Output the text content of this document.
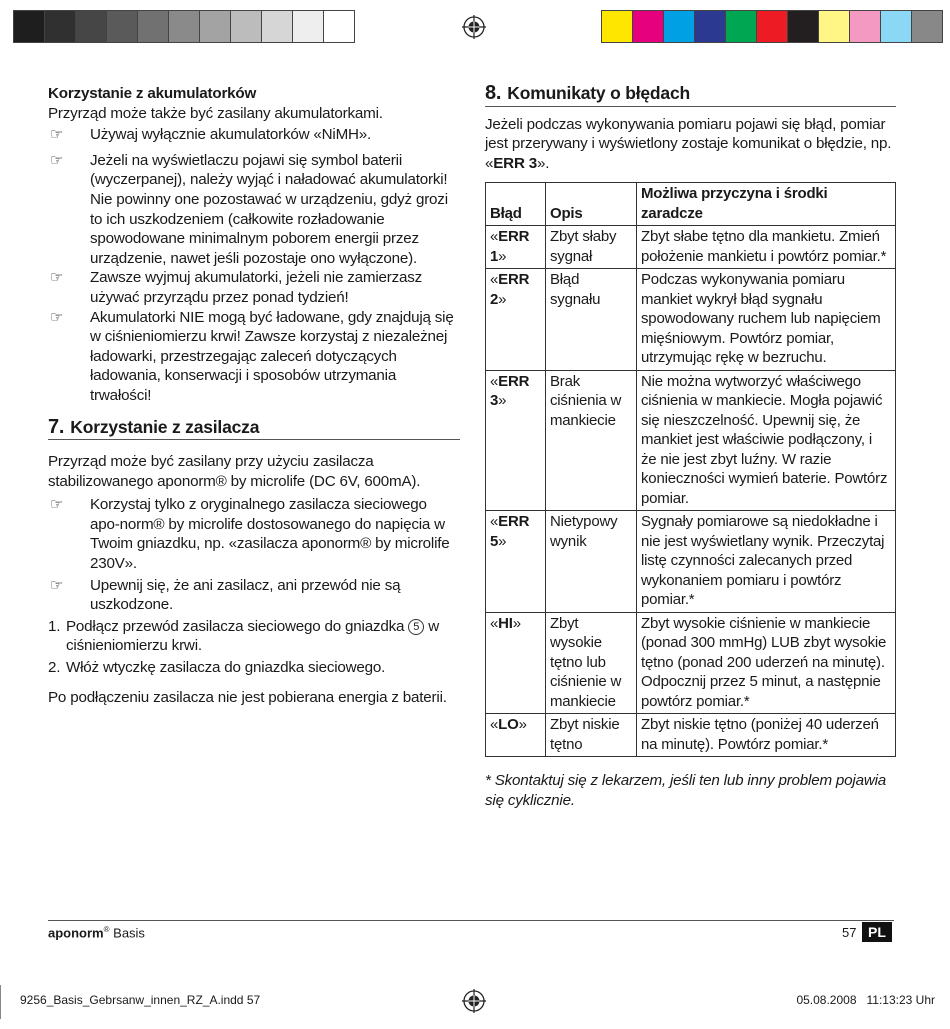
Korzystanie z akumulatorków
Przyrząd może także być zasilany akumulatorkami.

☞ Używaj wyłącznie akumulatorków «NiMH».

☞ Jeżeli na wyświetlaczu pojawi się symbol baterii (wyczerpanej), należy wyjąć i naładować akumulatorki! Nie powinny one pozostawać w urządzeniu, gdyż grozi to ich uszkodzeniem (całkowite rozładowanie spowodowane minimalnym poborem energii przez urządzenie, nawet jeśli pozostaje ono wyłączone).

☞ Zawsze wyjmuj akumulatorki, jeżeli nie zamierzasz używać przyrządu przez ponad tydzień!

☞ Akumulatorki NIE mogą być ładowane, gdy znajdują się w ciśnieniomierzu krwi! Zawsze korzystaj z niezależnej ładowarki, przestrzegając zaleceń dotyczących ładowania, konserwacji i sposobów utrzymania trwałości!

7. Korzystanie z zasilacza
Przyrząd może być zasilany przy użyciu zasilacza stabilizowanego aponorm® by microlife (DC 6V, 600mA).

☞ Korzystaj tylko z oryginalnego zasilacza sieciowego apo-norm® by microlife dostosowanego do napięcia w Twoim gniazdku, np. «zasilacza aponorm® by microlife 230V».

☞ Upewnij się, że ani zasilacz, ani przewód nie są uszkodzone.

1. Podłącz przewód zasilacza sieciowego do gniazdka 5 w ciśnieniomierzu krwi.

2. Włóż wtyczkę zasilacza do gniazdka sieciowego.

Po podłączeniu zasilacza nie jest pobierana energia z baterii.
8. Komunikaty o błędach
Jeżeli podczas wykonywania pomiaru pojawi się błąd, pomiar jest przerywany i wyświetlony zostaje komunikat o błędzie, np. «ERR 3».
Błąd	Opis	Możliwa przyczyna i środki zaradcze
«ERR 1»	Zbyt słaby sygnał	Zbyt słabe tętno dla mankietu. Zmień położenie mankietu i powtórz pomiar.*
«ERR 2»	Błąd sygnału	Podczas wykonywania pomiaru mankiet wykrył błąd sygnału spowodowany ruchem lub napięciem mięśniowym. Powtórz pomiar, utrzymując rękę w bezruchu.
«ERR 3»	Brak ciśnienia w mankiecie	Nie można wytworzyć właściwego ciśnienia w mankiecie. Mogła pojawić się nieszczelność. Upewnij się, że mankiet jest właściwie podłączony, i że nie jest zbyt luźny. W razie konieczności wymień baterie. Powtórz pomiar.
«ERR 5»	Nietypowy wynik	Sygnały pomiarowe są niedokładne i nie jest wyświetlany wynik. Przeczytaj listę czynności zalecanych przed wykonaniem pomiaru i powtórz pomiar.*
«HI»	Zbyt wysokie tętno lub ciśnienie w mankiecie	Zbyt wysokie ciśnienie w mankiecie (ponad 300 mmHg) LUB zbyt wysokie tętno (ponad 200 uderzeń na minutę). Odpocznij przez 5 minut, a następnie powtórz pomiar.*
«LO»	Zbyt niskie tętno	Zbyt niskie tętno (poniżej 40 uderzeń na minutę). Powtórz pomiar.*
* Skontaktuj się z lekarzem, jeśli ten lub inny problem pojawia się cyklicznie.
aponorm® Basis	57 PL
9256_Basis_Gebrsanw_innen_RZ_A.indd 57	05.08.2008   11:13:23 Uhr
